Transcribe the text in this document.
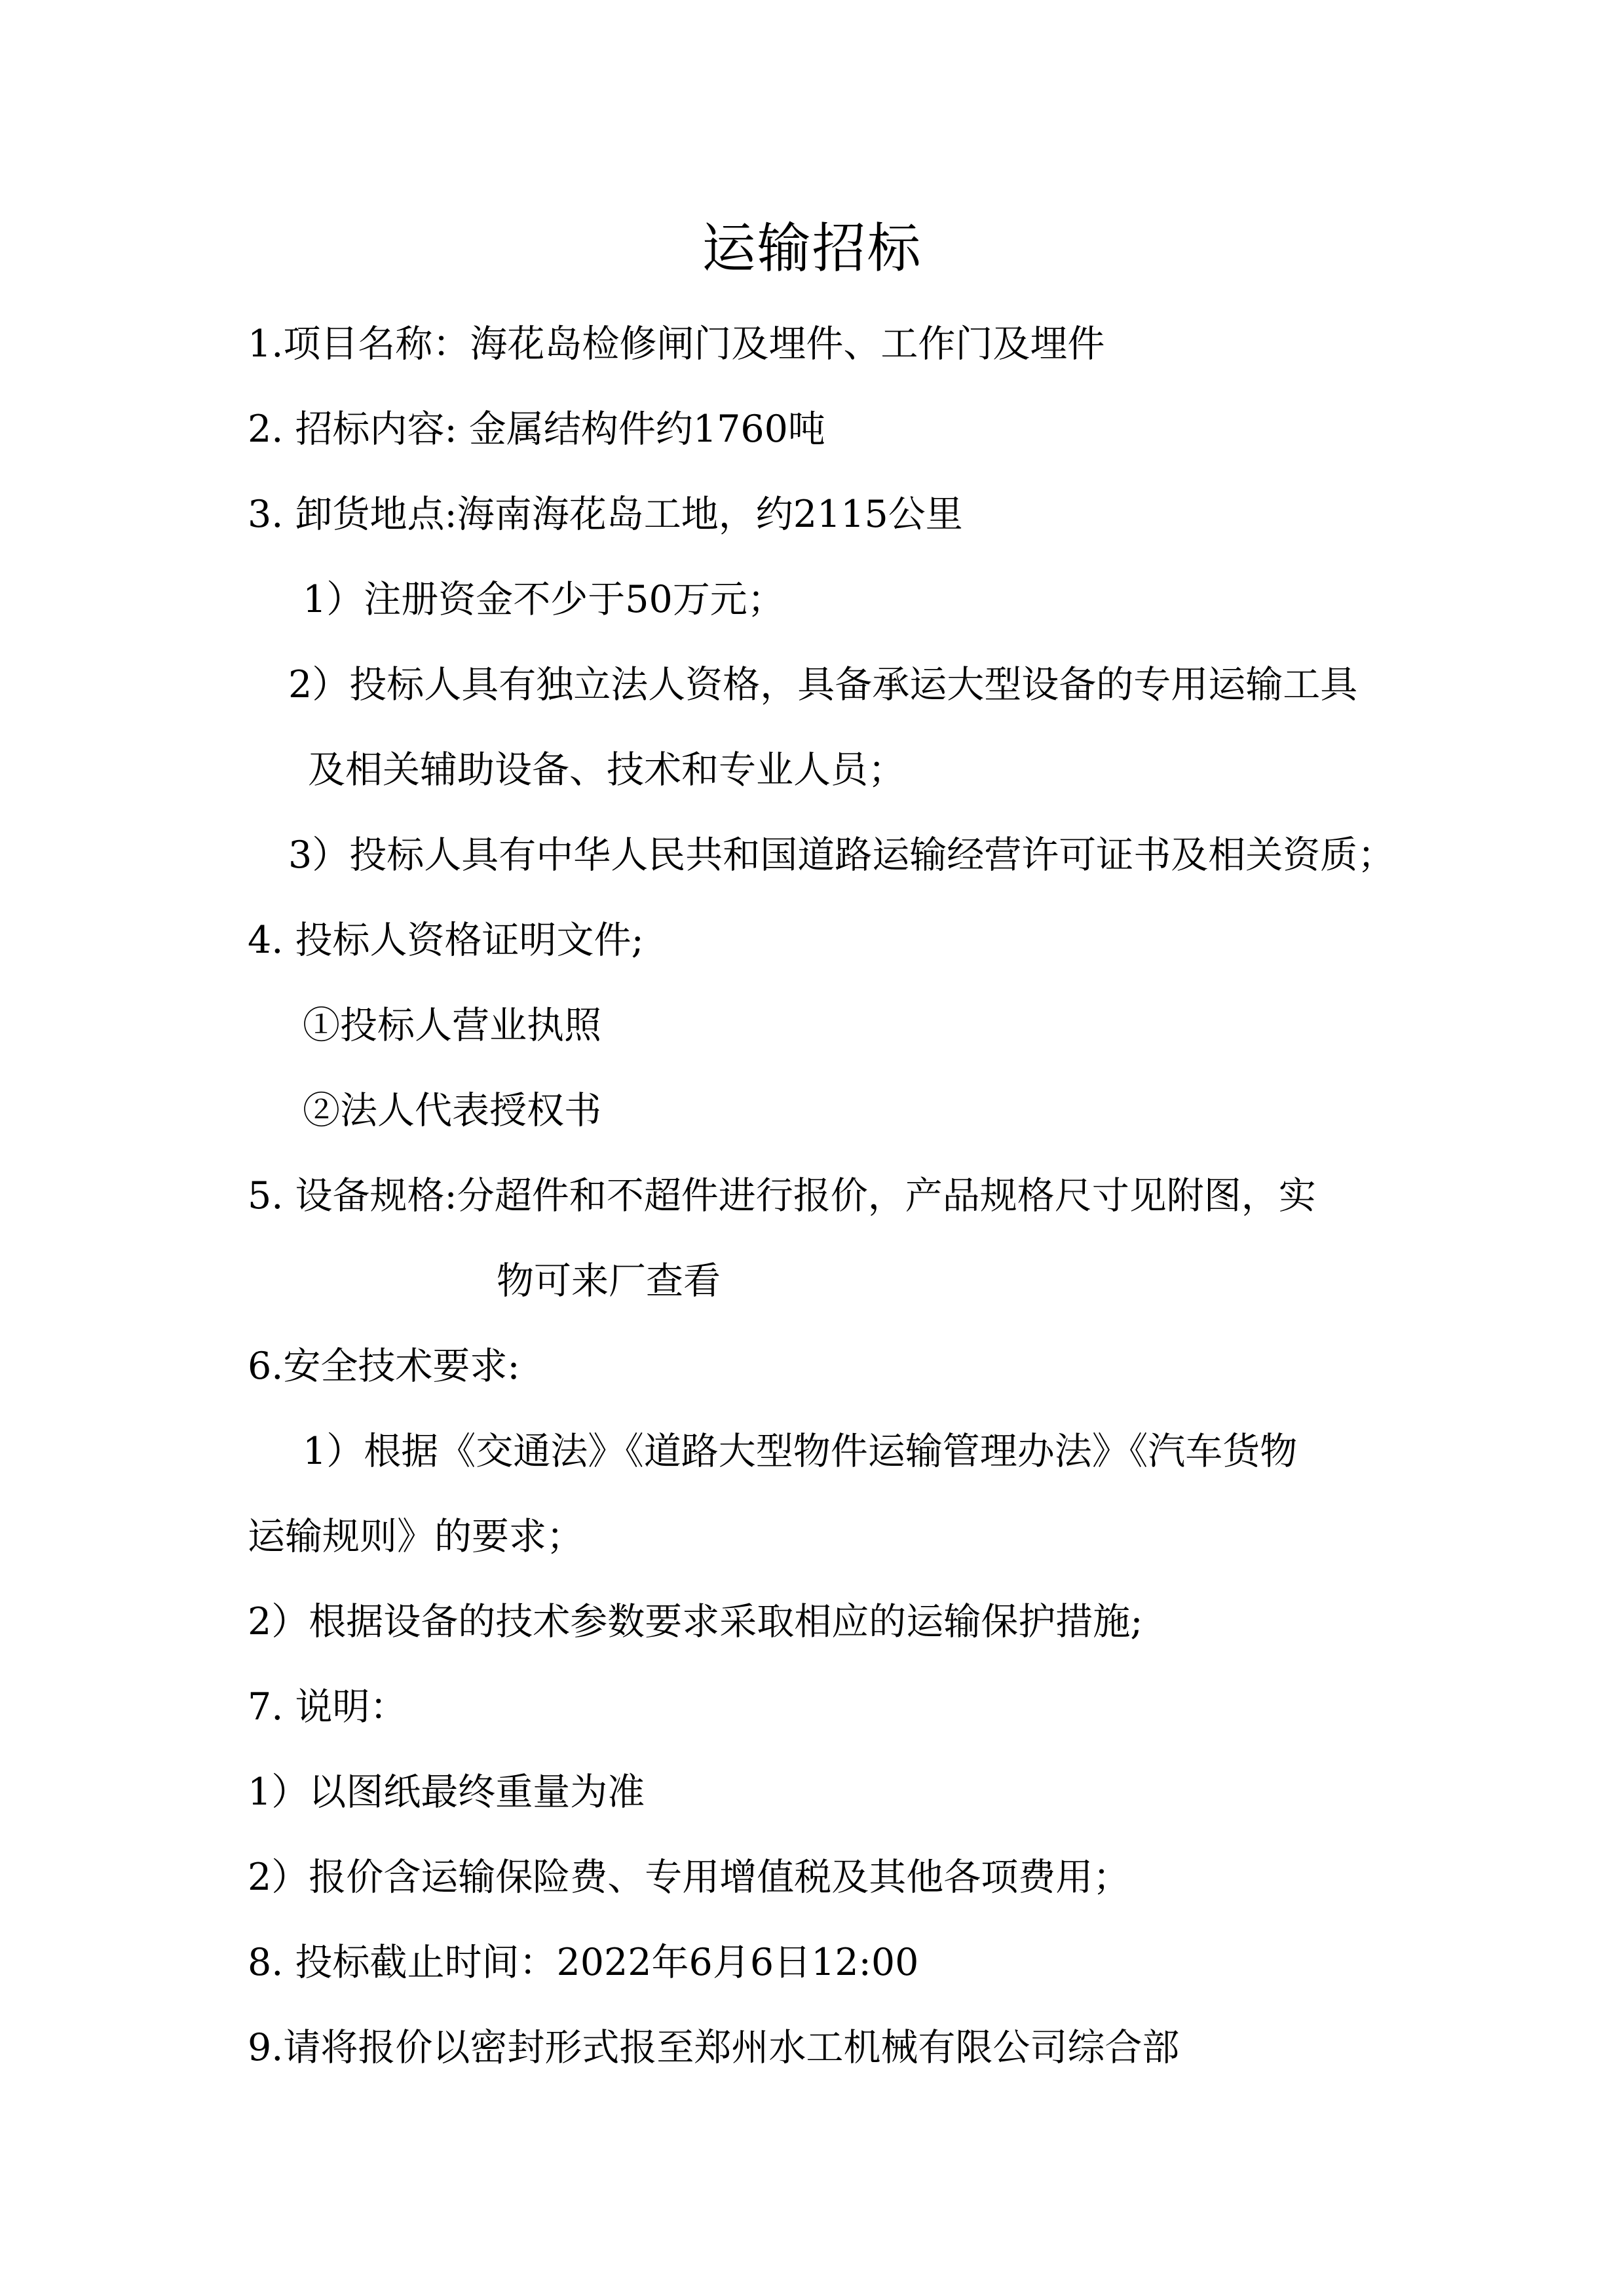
运输招标
1.项目名称：海花岛检修闸门及埋件、工作门及埋件
2. 招标内容: 金属结构件约1760吨
3. 卸货地点:海南海花岛工地，约2115公里
1）注册资金不少于50万元；
2）投标人具有独立法人资格，具备承运大型设备的专用运输工具
及相关辅助设备、技术和专业人员；
3）投标人具有中华人民共和国道路运输经营许可证书及相关资质；
4. 投标人资格证明文件;
①投标人营业执照
②法人代表授权书
5. 设备规格:分超件和不超件进行报价，产品规格尺寸见附图，实
物可来厂查看
6.安全技术要求:
1）根据《交通法》《道路大型物件运输管理办法》《汽车货物
运输规则》的要求；
2）根据设备的技术参数要求采取相应的运输保护措施;
7. 说明：
1）以图纸最终重量为准
2）报价含运输保险费、专用增值税及其他各项费用；
8. 投标截止时间：2022年6月6日12:00
9.请将报价以密封形式报至郑州水工机械有限公司综合部
